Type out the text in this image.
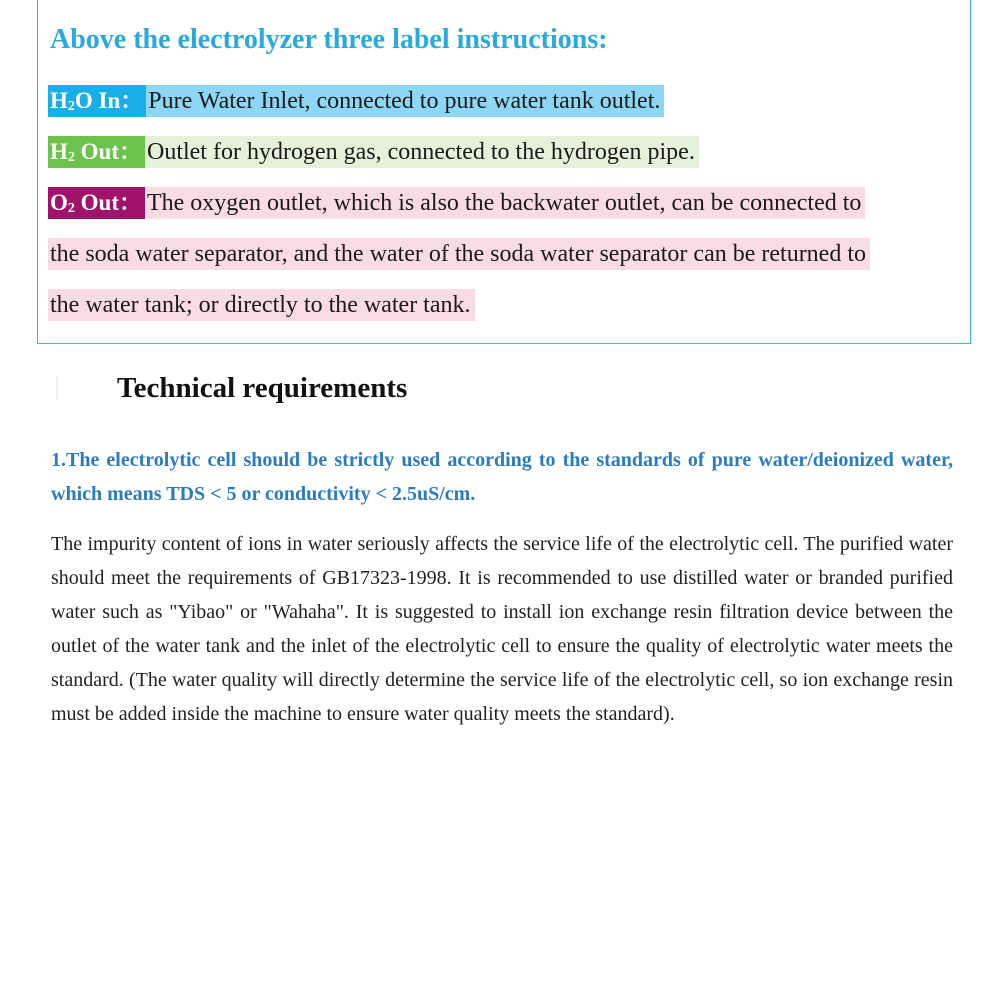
Above the electrolyzer three label instructions:
$H_2O$ In： Pure Water Inlet, connected to pure water tank outlet.
$H_2$ Out： Outlet for hydrogen gas, connected to the hydrogen pipe.
$O_2$ Out： The oxygen outlet, which is also the backwater outlet, can be connected to
the soda water separator, and the water of the soda water separator can be returned to
the water tank; or directly to the water tank.
Technical requirements

1.The electrolytic cell should be strictly used according to the standards of pure water/deionized water, which means TDS < 5 or conductivity < 2.5uS/cm.

The impurity content of ions in water seriously affects the service life of the electrolytic cell. The purified water should meet the requirements of GB17323-1998. It is recommended to use distilled water or branded purified water such as "Yibao" or "Wahaha". It is suggested to install ion exchange resin filtration device between the outlet of the water tank and the inlet of the electrolytic cell to ensure the quality of electrolytic water meets the standard. (The water quality will directly determine the service life of the electrolytic cell, so ion exchange resin must be added inside the machine to ensure water quality meets the standard).
